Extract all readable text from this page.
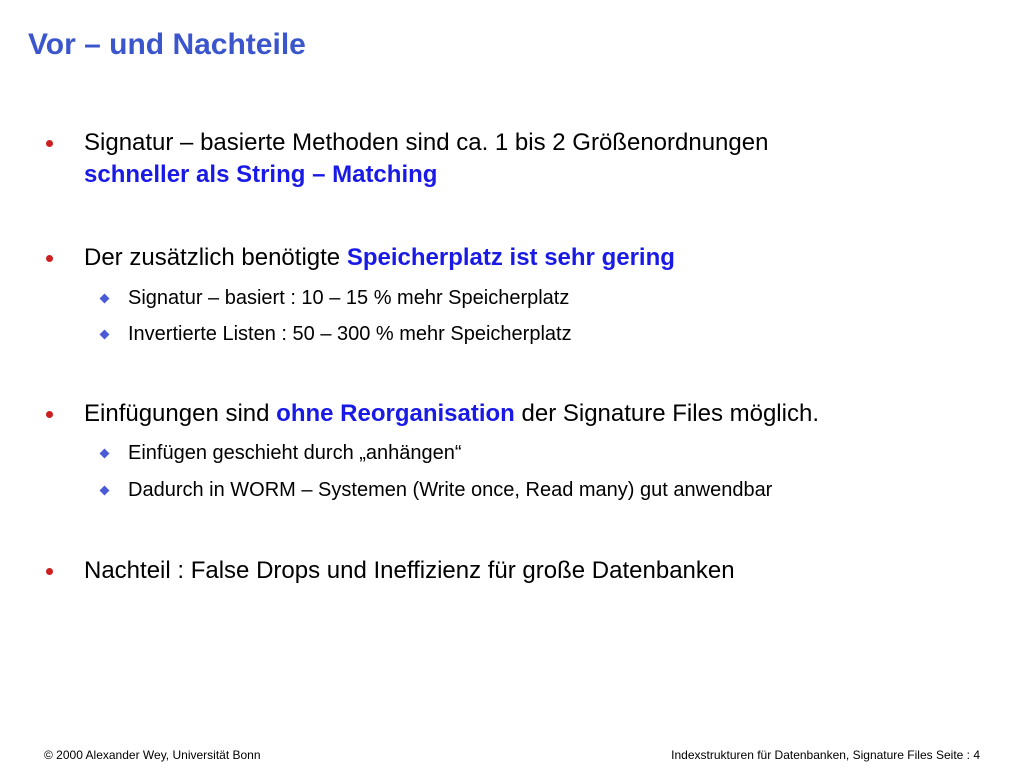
Vor – und Nachteile
Signatur – basierte Methoden sind ca. 1 bis 2 Größenordnungen
schneller als String – Matching
Der zusätzlich benötigte Speicherplatz ist sehr gering
Signatur – basiert : 10 – 15 % mehr Speicherplatz
Invertierte Listen : 50 – 300 % mehr Speicherplatz
Einfügungen sind ohne Reorganisation der Signature Files möglich.
Einfügen geschieht durch „anhängen“
Dadurch in WORM – Systemen (Write once, Read many) gut anwendbar
Nachteil : False Drops und Ineffizienz für große Datenbanken
© 2000 Alexander Wey, Universität Bonn	Indexstrukturen für Datenbanken, Signature Files Seite : 4
